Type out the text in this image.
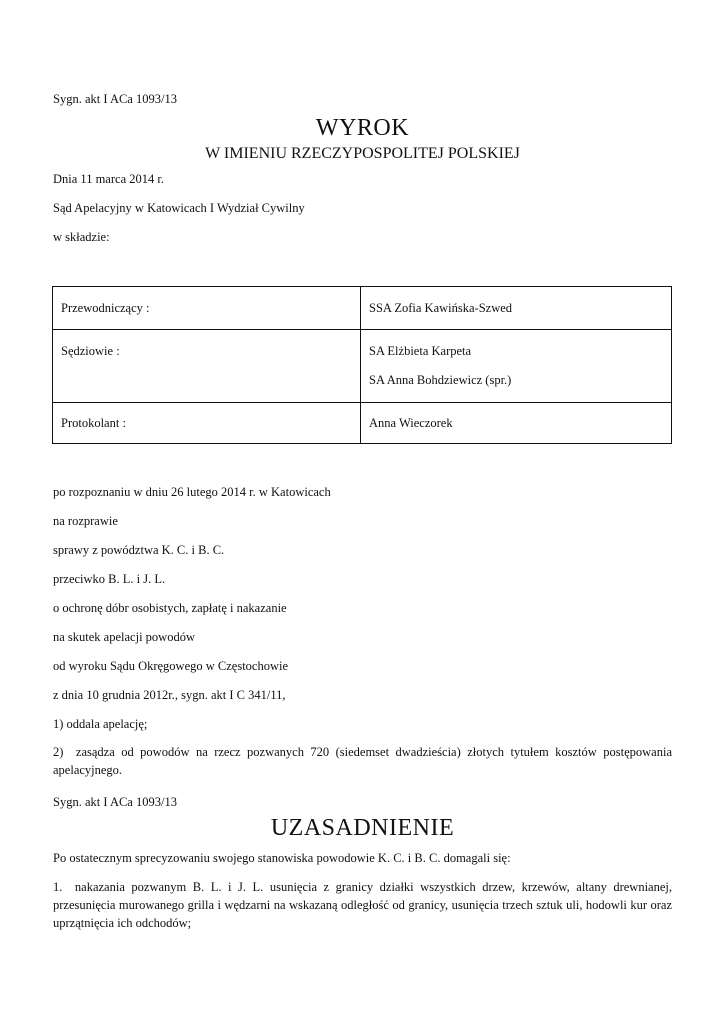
Sygn. akt I ACa 1093/13
WYROK
W IMIENIU RZECZYPOSPOLITEJ POLSKIEJ
Dnia 11 marca 2014 r.
Sąd Apelacyjny w Katowicach I Wydział Cywilny
w składzie:
Przewodniczący :	SSA Zofia Kawińska-Szwed
Sędziowie :	SA Elżbieta Karpeta
SA Anna Bohdziewicz (spr.)
Protokolant :	Anna Wieczorek
po rozpoznaniu w dniu 26 lutego 2014 r. w Katowicach
na rozprawie
sprawy z powództwa K. C. i B. C.
przeciwko B. L. i J. L.
o ochronę dóbr osobistych, zapłatę i nakazanie
na skutek apelacji powodów
od wyroku Sądu Okręgowego w Częstochowie
z dnia 10 grudnia 2012r., sygn. akt I C 341/11,
1) oddala apelację;
2) zasądza od powodów na rzecz pozwanych 720 (siedemset dwadzieścia) złotych tytułem kosztów postępowania apelacyjnego.
Sygn. akt I ACa 1093/13
UZASADNIENIE
Po ostatecznym sprecyzowaniu swojego stanowiska powodowie K. C. i B. C. domagali się:
1. nakazania pozwanym B. L. i J. L. usunięcia z granicy działki wszystkich drzew, krzewów, altany drewnianej, przesunięcia murowanego grilla i wędzarni na wskazaną odległość od granicy, usunięcia trzech sztuk uli, hodowli kur oraz uprzątnięcia ich odchodów;
